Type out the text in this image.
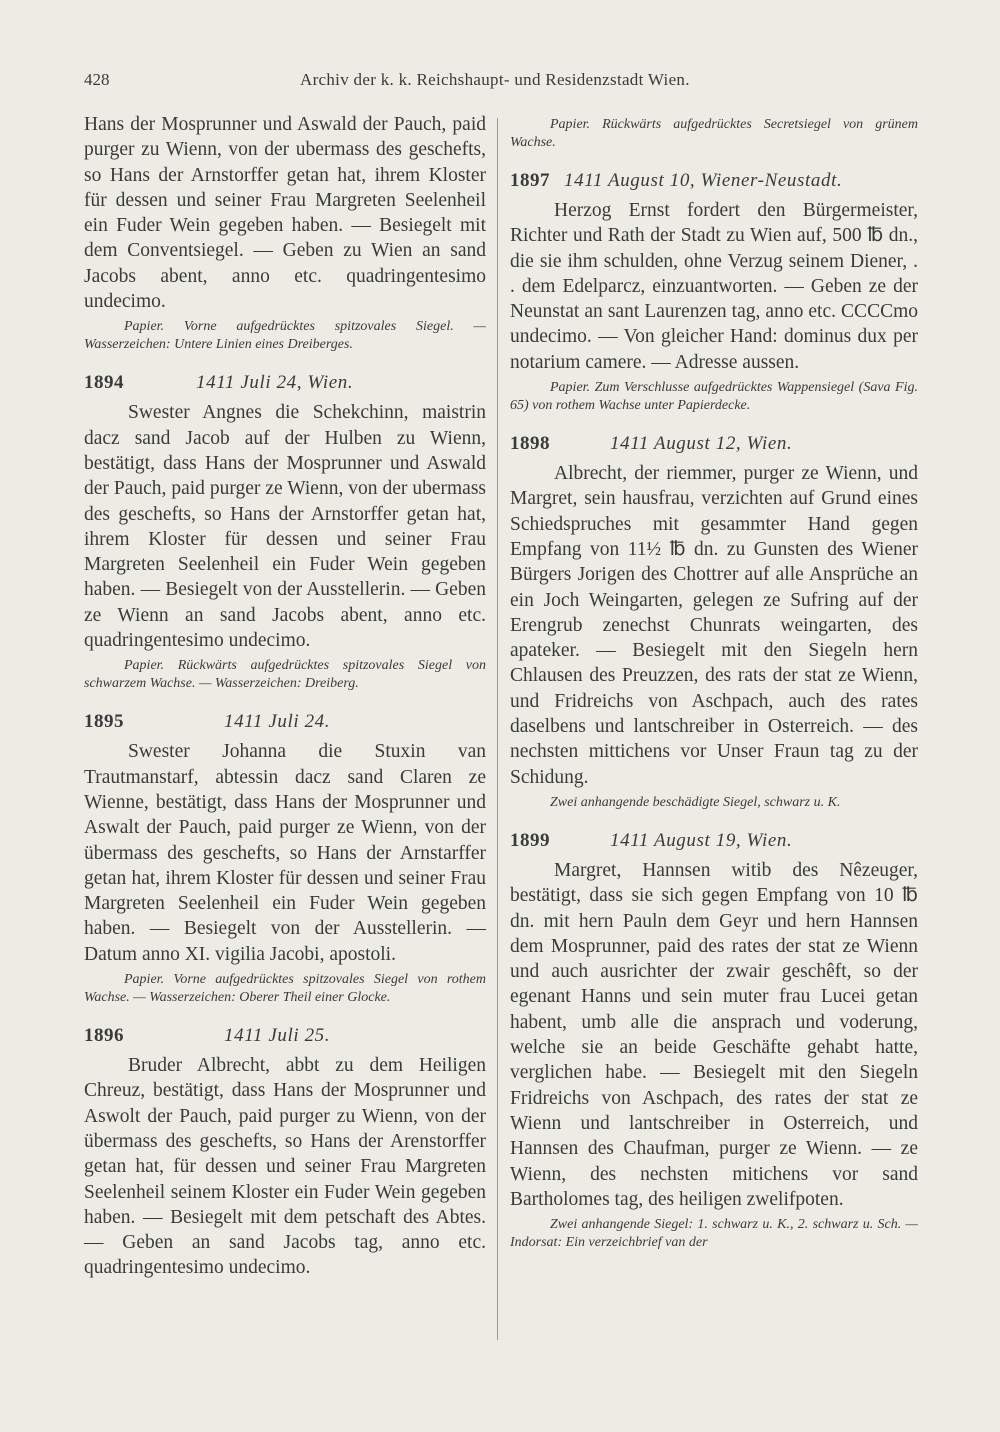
428	Archiv der k. k. Reichshaupt- und Residenzstadt Wien.

Hans der Mosprunner und Aswald der Pauch, paid purger zu Wienn, von der ubermass des geschefts, so Hans der Arnstorffer getan hat, ihrem Kloster für dessen und seiner Frau Margreten Seelenheil ein Fuder Wein gegeben haben. — Besiegelt mit dem Conventsiegel. — Geben zu Wien an sand Jacobs abent, anno etc. quadringentesimo undecimo.

Papier. Vorne aufgedrücktes spitzovales Siegel. — Wasserzeichen: Untere Linien eines Dreiberges.

1894	1411 Juli 24, Wien.

Swester Angnes die Schekchinn, maistrin dacz sand Jacob auf der Hulben zu Wienn, bestätigt, dass Hans der Mosprunner und Aswald der Pauch, paid purger ze Wienn, von der ubermass des geschefts, so Hans der Arnstorffer getan hat, ihrem Kloster für dessen und seiner Frau Margreten Seelenheil ein Fuder Wein gegeben haben. — Besiegelt von der Ausstellerin. — Geben ze Wienn an sand Jacobs abent, anno etc. quadringentesimo undecimo.

Papier. Rückwärts aufgedrücktes spitzovales Siegel von schwarzem Wachse. — Wasserzeichen: Dreiberg.

1895	1411 Juli 24.

Swester Johanna die Stuxin van Trautmanstarf, abtessin dacz sand Claren ze Wienne, bestätigt, dass Hans der Mosprunner und Aswalt der Pauch, paid purger ze Wienn, von der übermass des geschefts, so Hans der Arnstarffer getan hat, ihrem Kloster für dessen und seiner Frau Margreten Seelenheil ein Fuder Wein gegeben haben. — Besiegelt von der Ausstellerin. — Datum anno XI. vigilia Jacobi, apostoli.

Papier. Vorne aufgedrücktes spitzovales Siegel von rothem Wachse. — Wasserzeichen: Oberer Theil einer Glocke.

1896	1411 Juli 25.

Bruder Albrecht, abbt zu dem Heiligen Chreuz, bestätigt, dass Hans der Mosprunner und Aswolt der Pauch, paid purger zu Wienn, von der übermass des geschefts, so Hans der Arenstorffer getan hat, für dessen und seiner Frau Margreten Seelenheil seinem Kloster ein Fuder Wein gegeben haben. — Besiegelt mit dem petschaft des Abtes. — Geben an sand Jacobs tag, anno etc. quadringentesimo undecimo.

Papier. Rückwärts aufgedrücktes Secretsiegel von grünem Wachse.

1897 1411 August 10, Wiener-Neustadt.

Herzog Ernst fordert den Bürgermeister, Richter und Rath der Stadt zu Wien auf, 500 ℔ dn., die sie ihm schulden, ohne Verzug seinem Diener, . . dem Edelparcz, einzuantworten. — Geben ze der Neunstat an sant Laurenzen tag, anno etc. CCCCmo undecimo. — Von gleicher Hand: dominus dux per notarium camere. — Adresse aussen.

Papier. Zum Verschlusse aufgedrücktes Wappensiegel (Sava Fig. 65) von rothem Wachse unter Papierdecke.

1898	1411 August 12, Wien.

Albrecht, der riemmer, purger ze Wienn, und Margret, sein hausfrau, verzichten auf Grund eines Schiedspruches mit gesammter Hand gegen Empfang von 11½ ℔ dn. zu Gunsten des Wiener Bürgers Jorigen des Chottrer auf alle Ansprüche an ein Joch Weingarten, gelegen ze Sufring auf der Erengrub zenechst Chunrats weingarten, des apateker. — Besiegelt mit den Siegeln hern Chlausen des Preuzzen, des rats der stat ze Wienn, und Fridreichs von Aschpach, auch des rates daselbens und lantschreiber in Osterreich. — des nechsten mittichens vor Unser Fraun tag zu der Schidung.

Zwei anhangende beschädigte Siegel, schwarz u. K.

1899	1411 August 19, Wien.

Margret, Hannsen witib des Nêzeuger, bestätigt, dass sie sich gegen Empfang von 10 ℔ dn. mit hern Pauln dem Geyr und hern Hannsen dem Mosprunner, paid des rates der stat ze Wienn und auch ausrichter der zwair geschêft, so der egenant Hanns und sein muter frau Lucei getan habent, umb alle die ansprach und voderung, welche sie an beide Geschäfte gehabt hatte, verglichen habe. — Besiegelt mit den Siegeln Fridreichs von Aschpach, des rates der stat ze Wienn und lantschreiber in Osterreich, und Hannsen des Chaufman, purger ze Wienn. — ze Wienn, des nechsten mitichens vor sand Bartholomes tag, des heiligen zwelifpoten.

Zwei anhangende Siegel: 1. schwarz u. K., 2. schwarz u. Sch. — Indorsat: Ein verzeichbrief van der
